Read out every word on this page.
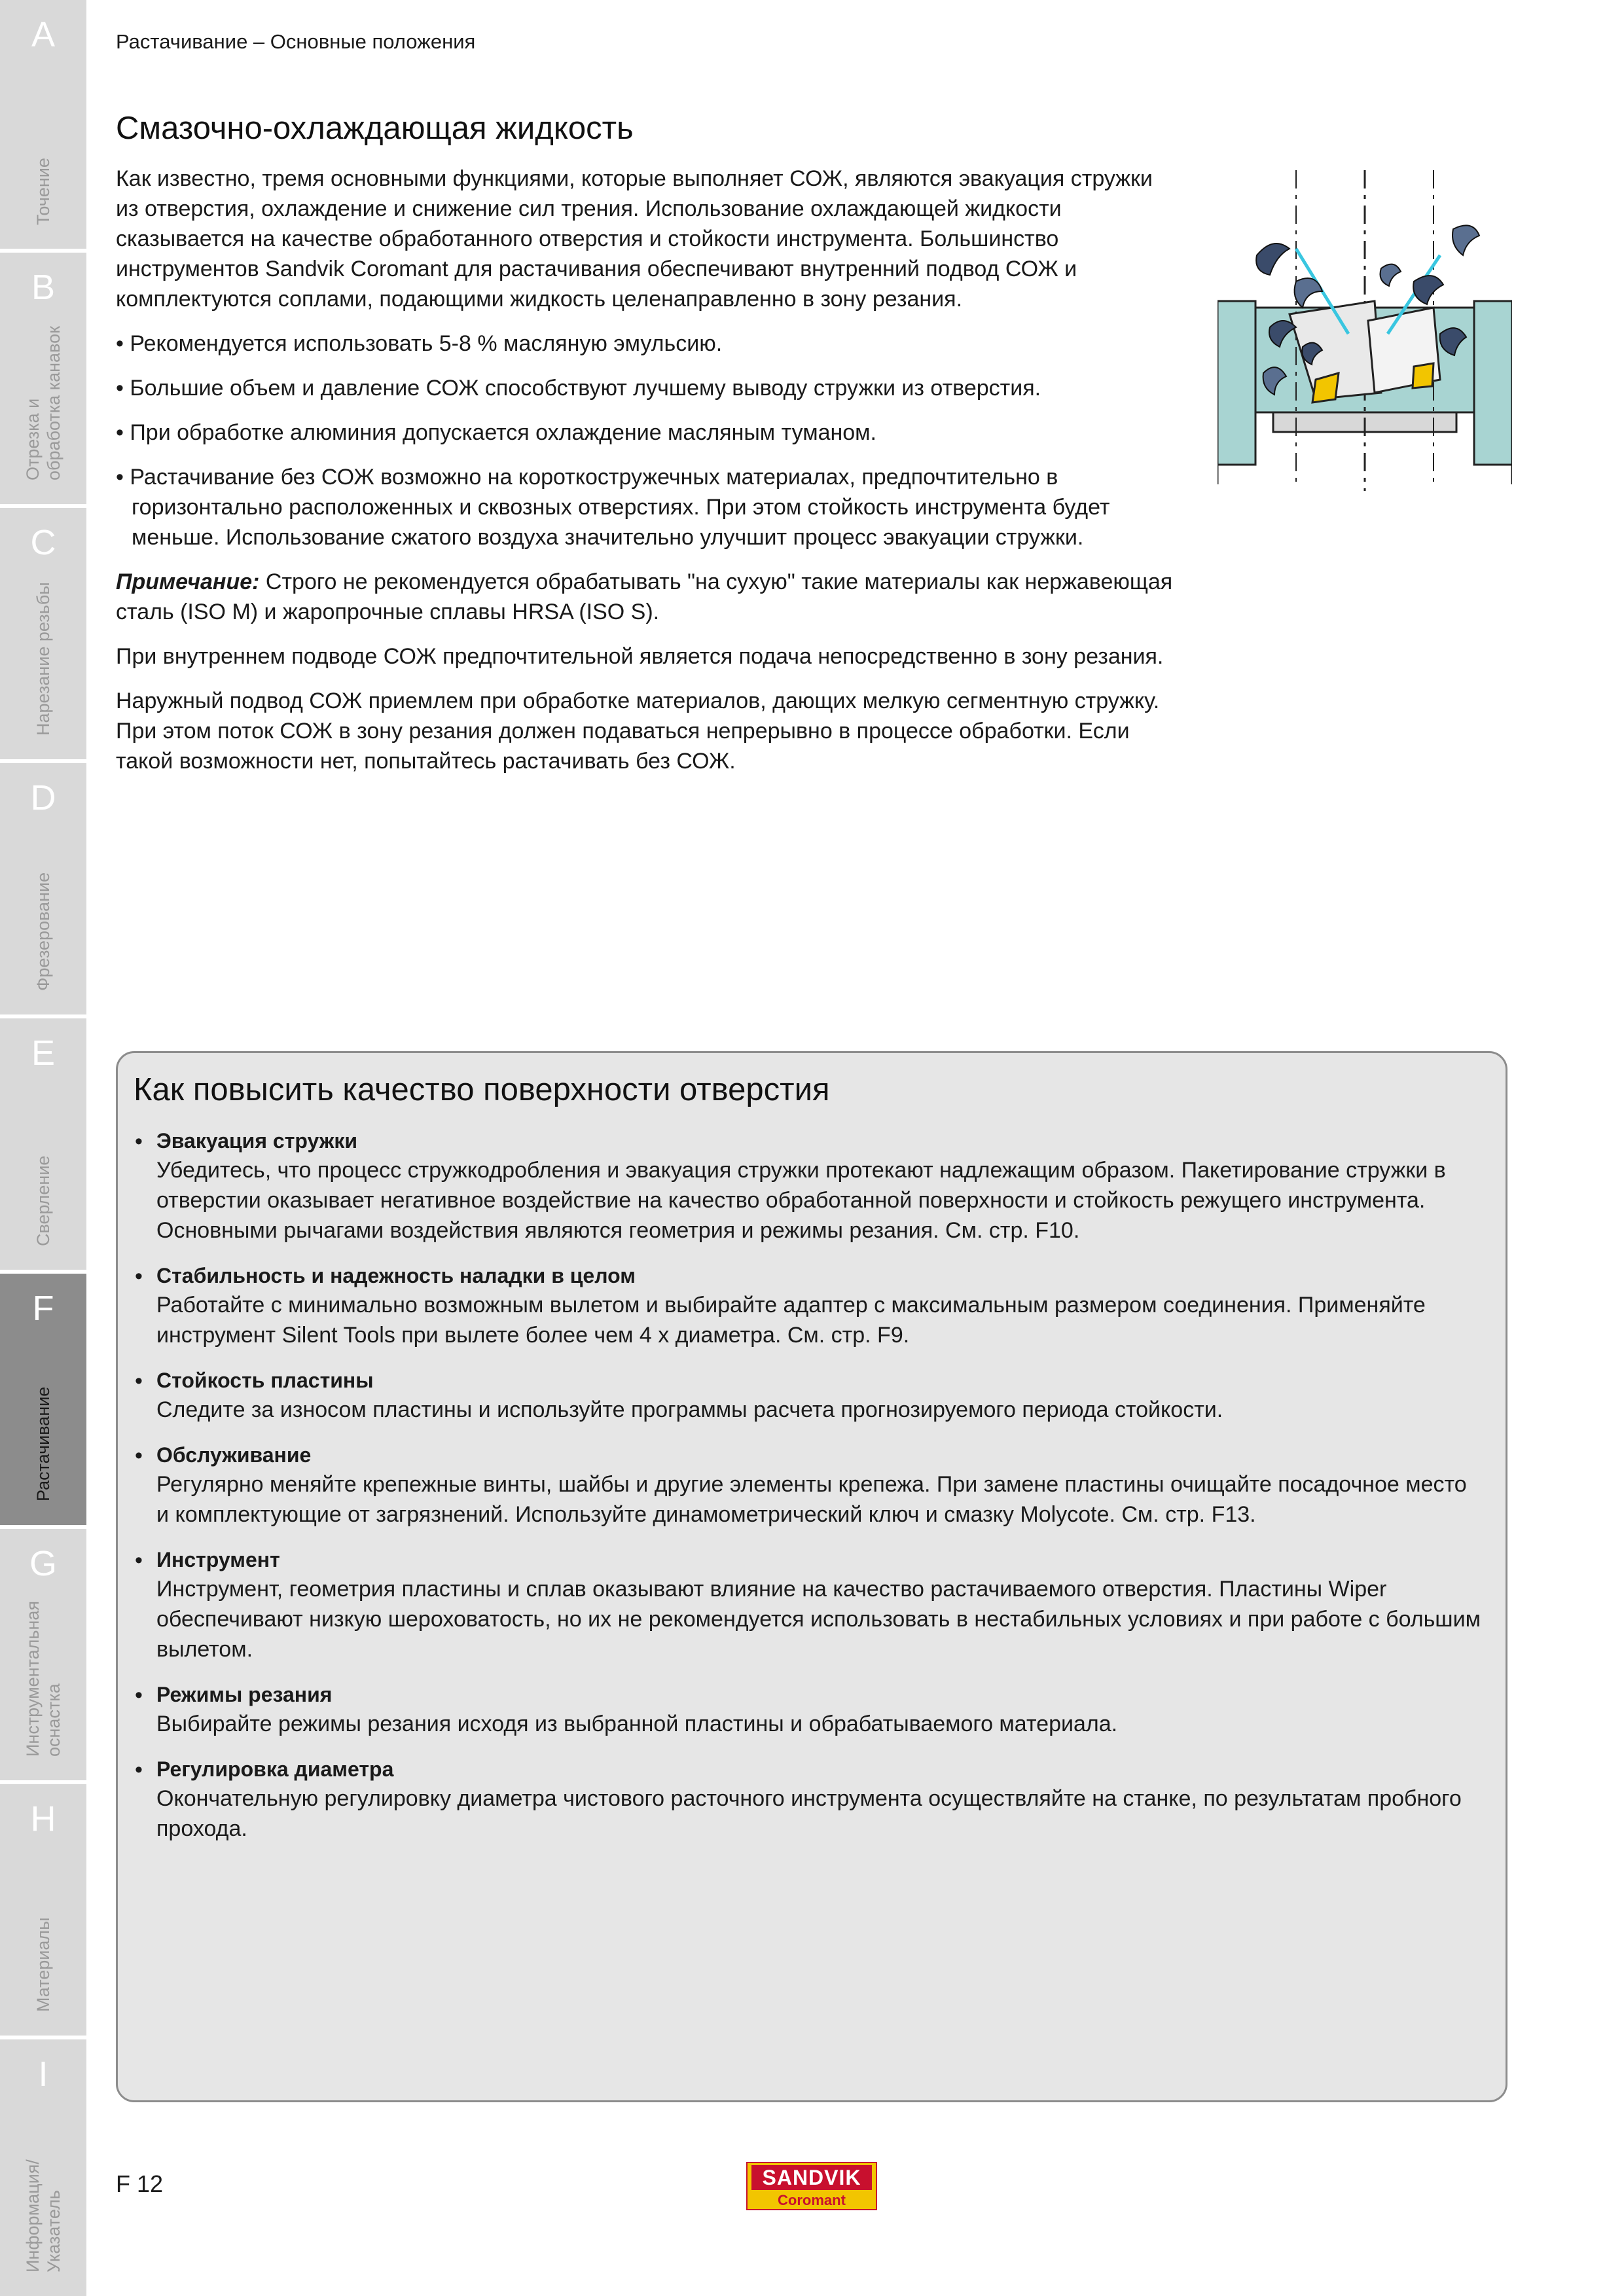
A
Точение
B
Отрезка и обработка канавок
C
Нарезание резьбы
D
Фрезерование
E
Сверление
F
Растачивание
G
Инструментальная оснастка
H
Материалы
I
Информация/ Указатель
Растачивание – Основные положения
Смазочно-охлаждающая жидкость

Как известно, тремя основными функциями, которые выполняет СОЖ, являются эвакуация стружки из отверстия, охлаждение и снижение сил трения. Использование охлаждающей жидкости сказывается на качестве обработанного отверстия и стойкости инструмента. Большинство инструментов Sandvik Coromant для растачивания обеспечивают внутренний подвод СОЖ и комплектуются соплами, подающими жидкость целенаправленно в зону резания.

• Рекомендуется использовать 5-8 % масляную эмульсию.

• Большие объем и давление СОЖ способствуют лучшему выводу стружки из отверстия.

• При обработке алюминия допускается охлаждение масляным туманом.

• Растачивание без СОЖ возможно на короткостружечных материалах, предпочтительно в горизонтально расположенных и сквозных отверстиях. При этом стойкость инструмента будет меньше. Использование сжатого воздуха значительно улучшит процесс эвакуации стружки.

Примечание: Строго не рекомендуется обрабатывать "на сухую" такие материалы как нержавеющая сталь (ISO M) и жаропрочные сплавы HRSA (ISO S).

При внутреннем подводе СОЖ предпочтительной является подача непосредственно в зону резания.

Наружный подвод СОЖ приемлем при обработке материалов, дающих мелкую сегментную стружку. При этом поток СОЖ в зону резания должен подаваться непрерывно в процессе обработки. Если такой возможности нет, попытайтесь растачивать без СОЖ.

Как повысить качество поверхности отверстия
• Эвакуация стружки
Убедитесь, что процесс стружкодробления и эвакуация стружки протекают надлежащим образом. Пакетирование стружки в отверстии оказывает негативное воздействие на качество обработанной поверхности и стойкость режущего инструмента. Основными рычагами воздействия являются геометрия и режимы резания. См. стр. F10.
• Стабильность и надежность наладки в целом
Работайте с минимально возможным вылетом и выбирайте адаптер с максимальным размером соединения. Применяйте инструмент Silent Tools при вылете более чем 4 x диаметра. См. стр. F9.
• Стойкость пластины
Следите за износом пластины и используйте программы расчета прогнозируемого периода стойкости.
• Обслуживание
Регулярно меняйте крепежные винты, шайбы и другие элементы крепежа. При замене пластины очищайте посадочное место и комплектующие от загрязнений. Используйте динамометрический ключ и смазку Molycote. См. стр. F13.
• Инструмент
Инструмент, геометрия пластины и сплав оказывают влияние на качество растачиваемого отверстия. Пластины Wiper обеспечивают низкую шероховатость, но их не рекомендуется использовать в нестабильных условиях и при работе с большим вылетом.
• Режимы резания
Выбирайте режимы резания исходя из выбранной пластины и обрабатываемого материала.
• Регулировка диаметра
Окончательную регулировку диаметра чистового расточного инструмента осуществляйте на станке, по результатам пробного прохода.
F 12	SANDVIK
Coromant
